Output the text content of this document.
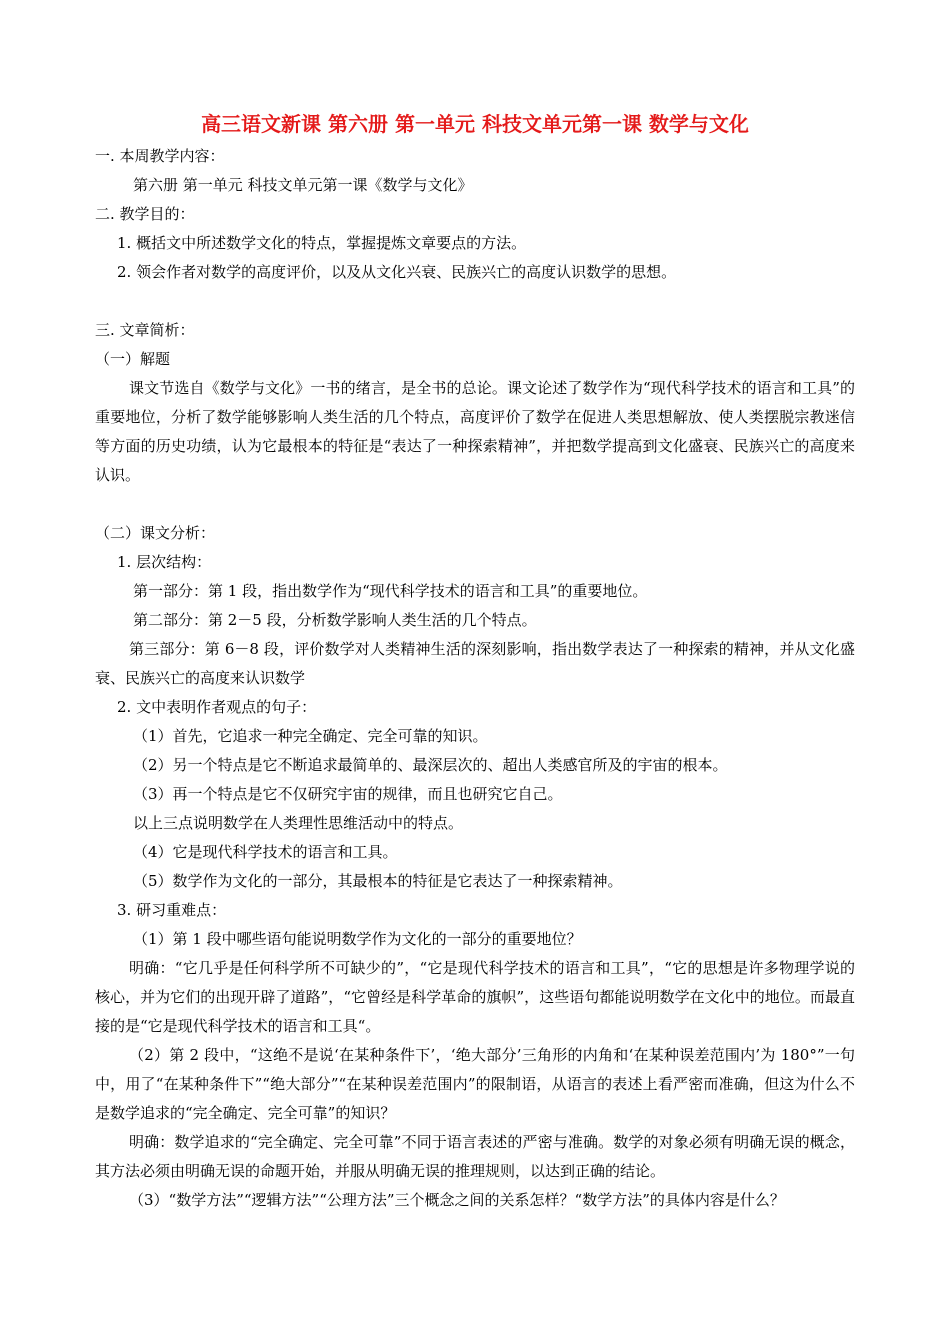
高三语文新课 第六册 第一单元 科技文单元第一课 数学与文化
一. 本周教学内容：
第六册 第一单元 科技文单元第一课《数学与文化》
二. 教学目的：
1. 概括文中所述数学文化的特点，掌握提炼文章要点的方法。
2. 领会作者对数学的高度评价，以及从文化兴衰、民族兴亡的高度认识数学的思想。
三. 文章简析：
（一）解题
课文节选自《数学与文化》一书的绪言，是全书的总论。课文论述了数学作为“现代科学技术的语言和工具”的重要地位，分析了数学能够影响人类生活的几个特点，高度评价了数学在促进人类思想解放、使人类摆脱宗教迷信等方面的历史功绩，认为它最根本的特征是“表达了一种探索精神”，并把数学提高到文化盛衰、民族兴亡的高度来认识。
（二）课文分析：
1. 层次结构：
第一部分：第 1 段，指出数学作为“现代科学技术的语言和工具”的重要地位。
第二部分：第 2－5 段，分析数学影响人类生活的几个特点。
第三部分：第 6－8 段，评价数学对人类精神生活的深刻影响，指出数学表达了一种探索的精神，并从文化盛衰、民族兴亡的高度来认识数学
2. 文中表明作者观点的句子：
（1）首先，它追求一种完全确定、完全可靠的知识。
（2）另一个特点是它不断追求最简单的、最深层次的、超出人类感官所及的宇宙的根本。
（3）再一个特点是它不仅研究宇宙的规律，而且也研究它自己。
以上三点说明数学在人类理性思维活动中的特点。
（4）它是现代科学技术的语言和工具。
（5）数学作为文化的一部分，其最根本的特征是它表达了一种探索精神。
3. 研习重难点：
（1）第 1 段中哪些语句能说明数学作为文化的一部分的重要地位？
明确：“它几乎是任何科学所不可缺少的”，“它是现代科学技术的语言和工具”，“它的思想是许多物理学说的核心，并为它们的出现开辟了道路”，“它曾经是科学革命的旗帜”，这些语句都能说明数学在文化中的地位。而最直接的是“它是现代科学技术的语言和工具“。
（2）第 2 段中，“这绝不是说‘在某种条件下’，‘绝大部分’三角形的内角和‘在某种误差范围内’为 180°”一句中，用了“在某种条件下”“绝大部分”“在某种误差范围内”的限制语，从语言的表述上看严密而准确，但这为什么不是数学追求的“完全确定、完全可靠”的知识？
明确：数学追求的“完全确定、完全可靠”不同于语言表述的严密与准确。数学的对象必须有明确无误的概念，其方法必须由明确无误的命题开始，并服从明确无误的推理规则，以达到正确的结论。
（3）“数学方法”“逻辑方法”“公理方法”三个概念之间的关系怎样？“数学方法”的具体内容是什么？
